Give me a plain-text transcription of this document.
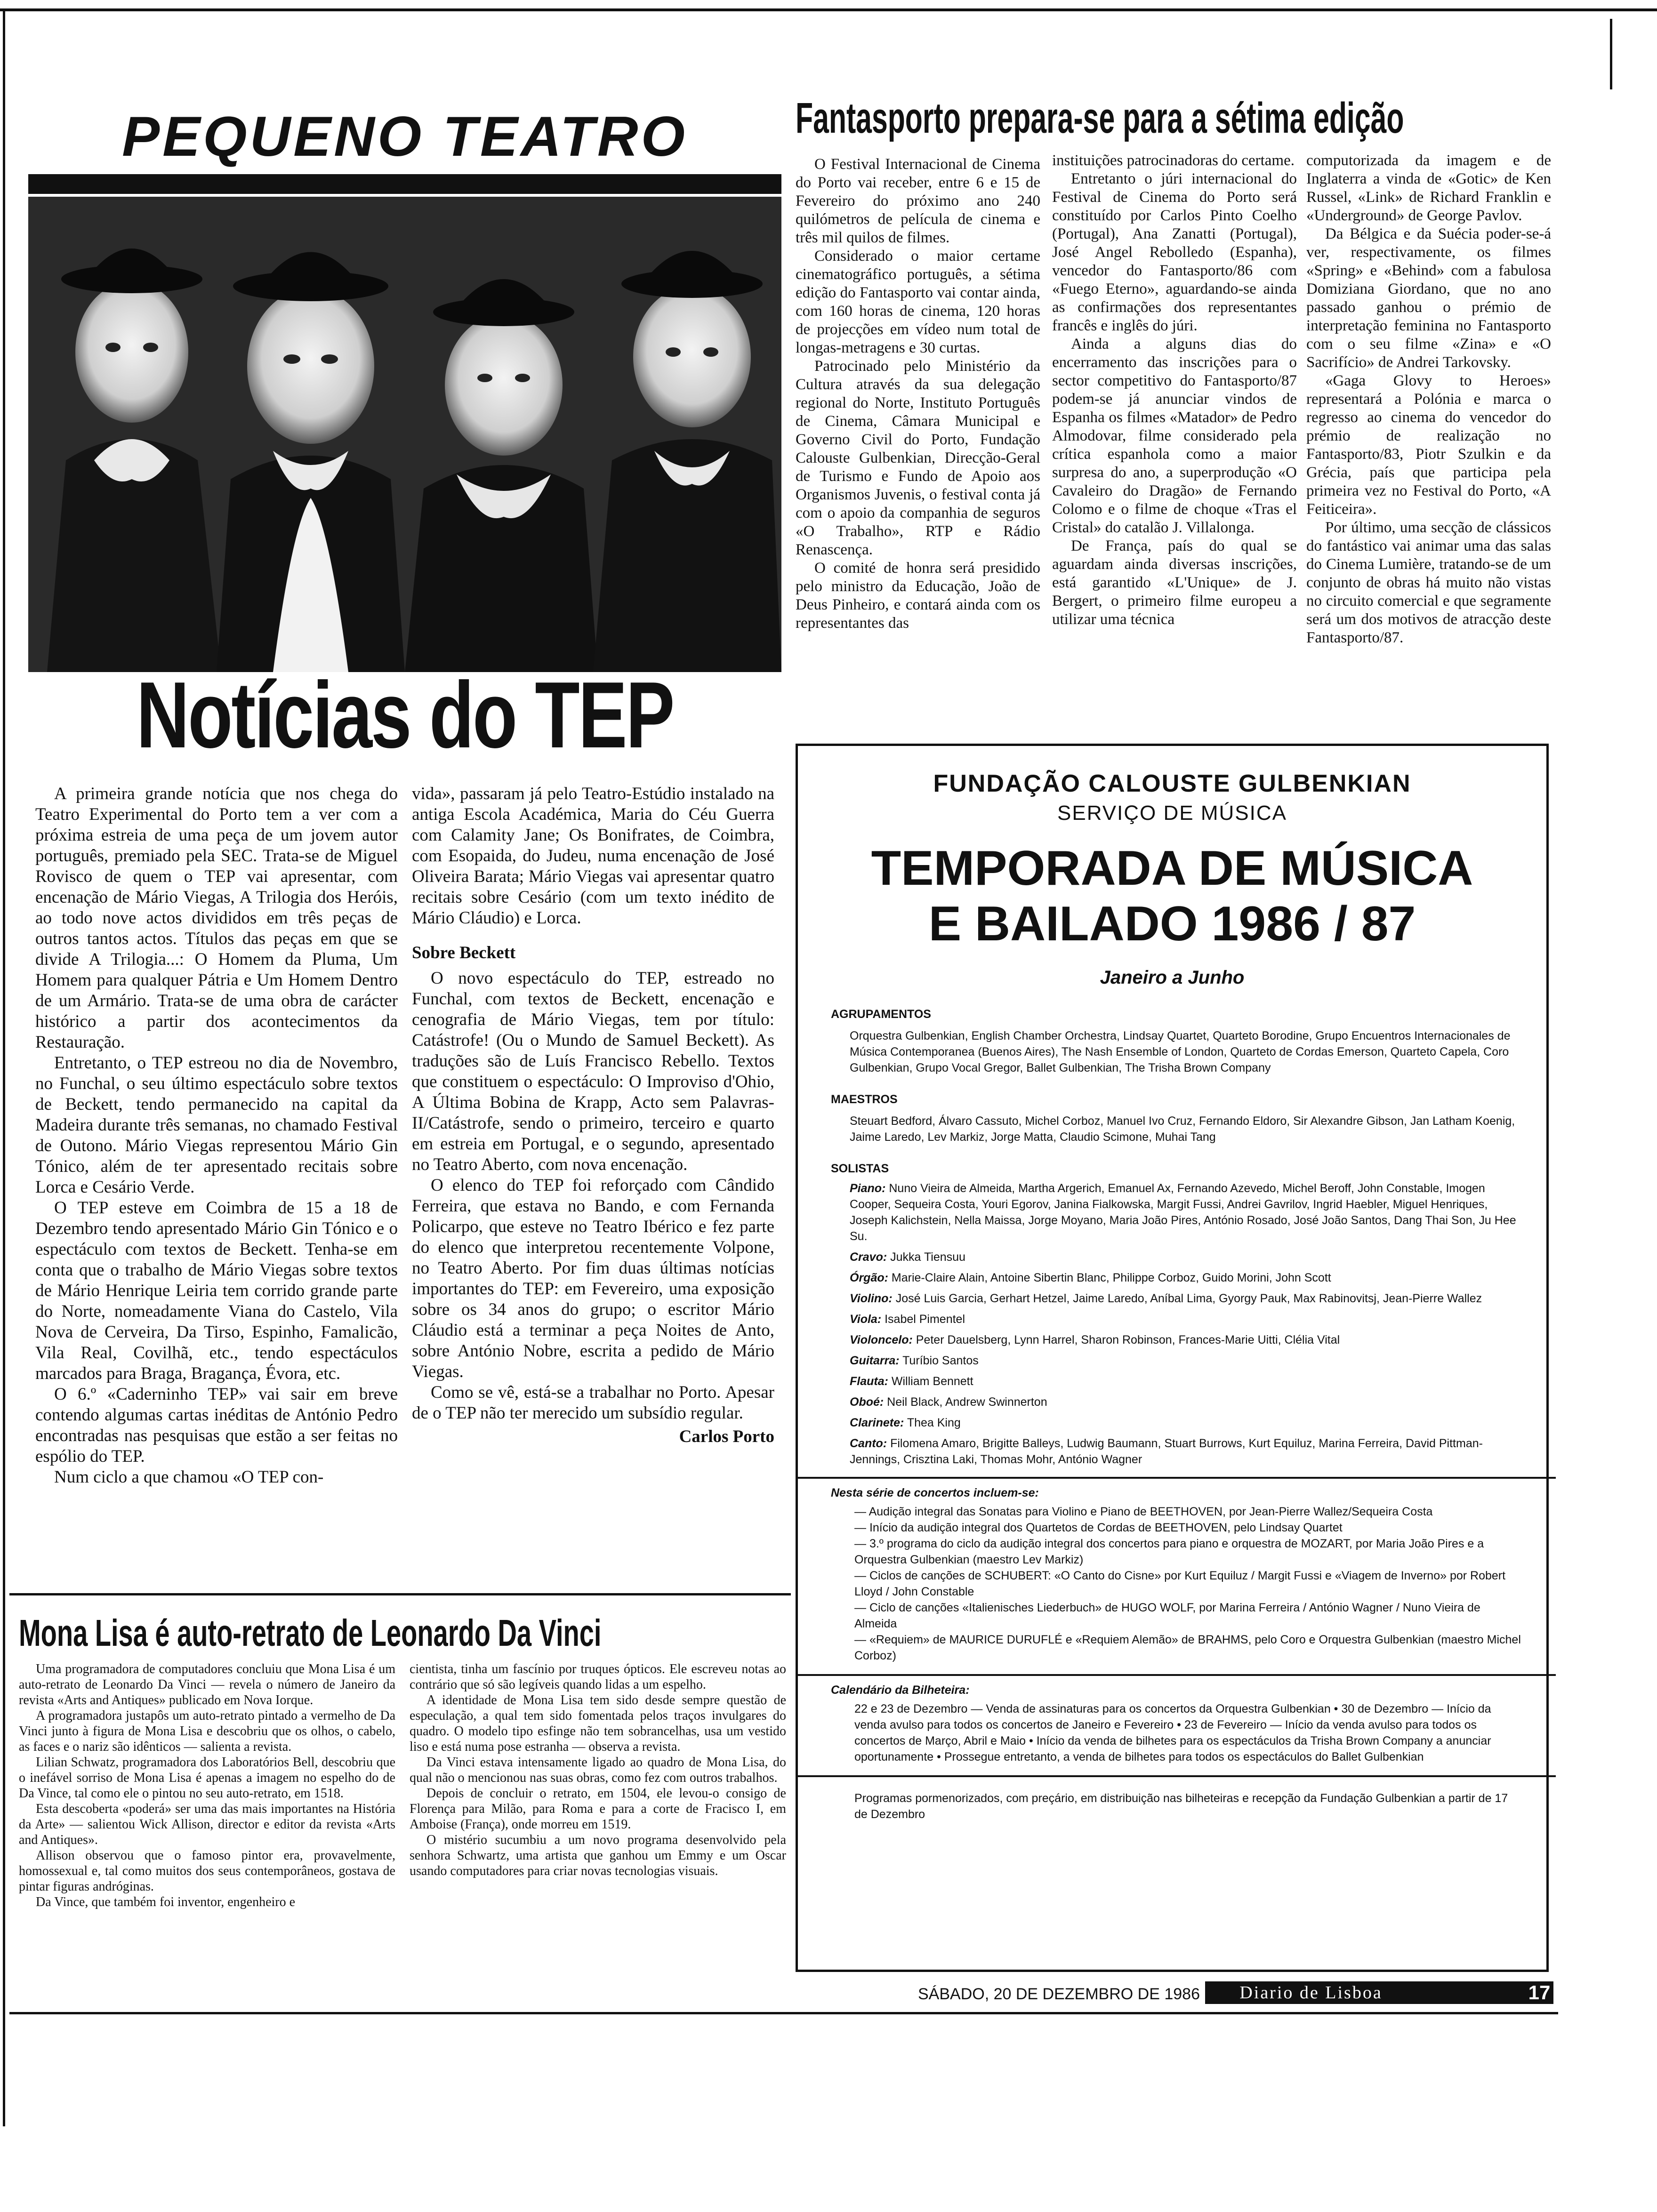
PEQUENO TEATRO
Notícias do TEP

A primeira grande notícia que nos chega do Teatro Experimental do Porto tem a ver com a próxima estreia de uma peça de um jovem autor português, premiado pela SEC. Trata-se de Miguel Rovisco de quem o TEP vai apresentar, com encenação de Mário Viegas, A Trilogia dos Heróis, ao todo nove actos divididos em três peças de outros tantos actos. Títulos das peças em que se divide A Trilogia...: O Homem da Pluma, Um Homem para qualquer Pátria e Um Homem Dentro de um Armário. Trata-se de uma obra de carácter histórico a partir dos acontecimentos da Restauração.

Entretanto, o TEP estreou no dia de Novembro, no Funchal, o seu último espectáculo sobre textos de Beckett, tendo permanecido na capital da Madeira durante três semanas, no chamado Festival de Outono. Mário Viegas representou Mário Gin Tónico, além de ter apresentado recitais sobre Lorca e Cesário Verde.

O TEP esteve em Coimbra de 15 a 18 de Dezembro tendo apresentado Mário Gin Tónico e o espectáculo com textos de Beckett. Tenha-se em conta que o trabalho de Mário Viegas sobre textos de Mário Henrique Leiria tem corrido grande parte do Norte, nomeadamente Viana do Castelo, Vila Nova de Cerveira, Da Tirso, Espinho, Famalicão, Vila Real, Covilhã, etc., tendo espectáculos marcados para Braga, Bragança, Évora, etc.

O 6.º «Caderninho TEP» vai sair em breve contendo algumas cartas inéditas de António Pedro encontradas nas pesquisas que estão a ser feitas no espólio do TEP.

Num ciclo a que chamou «O TEP con-

vida», passaram já pelo Teatro-Estúdio instalado na antiga Escola Académica, Maria do Céu Guerra com Calamity Jane; Os Bonifrates, de Coimbra, com Esopaida, do Judeu, numa encenação de José Oliveira Barata; Mário Viegas vai apresentar quatro recitais sobre Cesário (com um texto inédito de Mário Cláudio) e Lorca.

Sobre Beckett

O novo espectáculo do TEP, estreado no Funchal, com textos de Beckett, encenação e cenografia de Mário Viegas, tem por título: Catástrofe! (Ou o Mundo de Samuel Beckett). As traduções são de Luís Francisco Rebello. Textos que constituem o espectáculo: O Improviso d'Ohio, A Última Bobina de Krapp, Acto sem Palavras-II/Catástrofe, sendo o primeiro, terceiro e quarto em estreia em Portugal, e o segundo, apresentado no Teatro Aberto, com nova encenação.

O elenco do TEP foi reforçado com Cândido Ferreira, que estava no Bando, e com Fernanda Policarpo, que esteve no Teatro Ibérico e fez parte do elenco que interpretou recentemente Volpone, no Teatro Aberto. Por fim duas últimas notícias importantes do TEP: em Fevereiro, uma exposição sobre os 34 anos do grupo; o escritor Mário Cláudio está a terminar a peça Noites de Anto, sobre António Nobre, escrita a pedido de Mário Viegas.

Como se vê, está-se a trabalhar no Porto. Apesar de o TEP não ter merecido um subsídio regular.

Carlos Porto

Fantasporto prepara-se para a sétima edição

O Festival Internacional de Cinema do Porto vai receber, entre 6 e 15 de Fevereiro do próximo ano 240 quilómetros de película de cinema e três mil quilos de filmes.

Considerado o maior certame cinematográfico português, a sétima edição do Fantasporto vai contar ainda, com 160 horas de cinema, 120 horas de projecções em vídeo num total de longas-metragens e 30 curtas.

Patrocinado pelo Ministério da Cultura através da sua delegação regional do Norte, Instituto Português de Cinema, Câmara Municipal e Governo Civil do Porto, Fundação Calouste Gulbenkian, Direcção-Geral de Turismo e Fundo de Apoio aos Organismos Juvenis, o festival conta já com o apoio da companhia de seguros «O Trabalho», RTP e Rádio Renascença.

O comité de honra será presidido pelo ministro da Educação, João de Deus Pinheiro, e contará ainda com os representantes das

instituições patrocinadoras do certame.

Entretanto o júri internacional do Festival de Cinema do Porto será constituído por Carlos Pinto Coelho (Portugal), Ana Zanatti (Portugal), José Angel Rebolledo (Espanha), vencedor do Fantasporto/86 com «Fuego Eterno», aguardando-se ainda as confirmações dos representantes francês e inglês do júri.

Ainda a alguns dias do encerramento das inscrições para o sector competitivo do Fantasporto/87 podem-se já anunciar vindos de Espanha os filmes «Matador» de Pedro Almodovar, filme considerado pela crítica espanhola como a maior surpresa do ano, a superprodução «O Cavaleiro do Dragão» de Fernando Colomo e o filme de choque «Tras el Cristal» do catalão J. Villalonga.

De França, país do qual se aguardam ainda diversas inscrições, está garantido «L'Unique» de J. Bergert, o primeiro filme europeu a utilizar uma técnica

computorizada da imagem e de Inglaterra a vinda de «Gotic» de Ken Russel, «Link» de Richard Franklin e «Underground» de George Pavlov.

Da Bélgica e da Suécia poder-se-á ver, respectivamente, os filmes «Spring» e «Behind» com a fabulosa Domiziana Giordano, que no ano passado ganhou o prémio de interpretação feminina no Fantasporto com o seu filme «Zina» e «O Sacrifício» de Andrei Tarkovsky.

«Gaga Glovy to Heroes» representará a Polónia e marca o regresso ao cinema do vencedor do prémio de realização no Fantasporto/83, Piotr Szulkin e da Grécia, país que participa pela primeira vez no Festival do Porto, «A Feiticeira».

Por último, uma secção de clássicos do fantástico vai animar uma das salas do Cinema Lumière, tratando-se de um conjunto de obras há muito não vistas no circuito comercial e que segramente será um dos motivos de atracção deste Fantasporto/87.

FUNDAÇÃO CALOUSTE GULBENKIAN
SERVIÇO DE MÚSICA
TEMPORADA DE MÚSICA
E BAILADO 1986 / 87
Janeiro a Junho

AGRUPAMENTOS

Orquestra Gulbenkian, English Chamber Orchestra, Lindsay Quartet, Quarteto Borodine, Grupo Encuentros Internacionales de Música Contemporanea (Buenos Aires), The Nash Ensemble of London, Quarteto de Cordas Emerson, Quarteto Capela, Coro Gulbenkian, Grupo Vocal Gregor, Ballet Gulbenkian, The Trisha Brown Company

MAESTROS

Steuart Bedford, Álvaro Cassuto, Michel Corboz, Manuel Ivo Cruz, Fernando Eldoro, Sir Alexandre Gibson, Jan Latham Koenig, Jaime Laredo, Lev Markiz, Jorge Matta, Claudio Scimone, Muhai Tang

SOLISTAS

Piano: Nuno Vieira de Almeida, Martha Argerich, Emanuel Ax, Fernando Azevedo, Michel Beroff, John Constable, Imogen Cooper, Sequeira Costa, Youri Egorov, Janina Fialkowska, Margit Fussi, Andrei Gavrilov, Ingrid Haebler, Miguel Henriques, Joseph Kalichstein, Nella Maissa, Jorge Moyano, Maria João Pires, António Rosado, José João Santos, Dang Thai Son, Ju Hee Su.

Cravo: Jukka Tiensuu

Órgão: Marie-Claire Alain, Antoine Sibertin Blanc, Philippe Corboz, Guido Morini, John Scott

Violino: José Luis Garcia, Gerhart Hetzel, Jaime Laredo, Aníbal Lima, Gyorgy Pauk, Max Rabinovitsj, Jean-Pierre Wallez

Viola: Isabel Pimentel

Violoncelo: Peter Dauelsberg, Lynn Harrel, Sharon Robinson, Frances-Marie Uitti, Clélia Vital

Guitarra: Turíbio Santos

Flauta: William Bennett

Oboé: Neil Black, Andrew Swinnerton

Clarinete: Thea King

Canto: Filomena Amaro, Brigitte Balleys, Ludwig Baumann, Stuart Burrows, Kurt Equiluz, Marina Ferreira, David Pittman-Jennings, Crisztina Laki, Thomas Mohr, António Wagner

Nesta série de concertos incluem-se:

— Audição integral das Sonatas para Violino e Piano de BEETHOVEN, por Jean-Pierre Wallez/Sequeira Costa

— Início da audição integral dos Quartetos de Cordas de BEETHOVEN, pelo Lindsay Quartet

— 3.º programa do ciclo da audição integral dos concertos para piano e orquestra de MOZART, por Maria João Pires e a Orquestra Gulbenkian (maestro Lev Markiz)

— Ciclos de canções de SCHUBERT: «O Canto do Cisne» por Kurt Equiluz / Margit Fussi e «Viagem de Inverno» por Robert Lloyd / John Constable

— Ciclo de canções «Italienisches Liederbuch» de HUGO WOLF, por Marina Ferreira / António Wagner / Nuno Vieira de Almeida

— «Requiem» de MAURICE DURUFLÉ e «Requiem Alemão» de BRAHMS, pelo Coro e Orquestra Gulbenkian (maestro Michel Corboz)

Calendário da Bilheteira:

22 e 23 de Dezembro — Venda de assinaturas para os concertos da Orquestra Gulbenkian • 30 de Dezembro — Início da venda avulso para todos os concertos de Janeiro e Fevereiro • 23 de Fevereiro — Início da venda avulso para todos os concertos de Março, Abril e Maio • Início da venda de bilhetes para os espectáculos da Trisha Brown Company a anunciar oportunamente • Prossegue entretanto, a venda de bilhetes para todos os espectáculos do Ballet Gulbenkian

Programas pormenorizados, com preçário, em distribuição nas bilheteiras e recepção da Fundação Gulbenkian a partir de 17 de Dezembro

Mona Lisa é auto-retrato de Leonardo Da Vinci

Uma programadora de computadores concluiu que Mona Lisa é um auto-retrato de Leonardo Da Vinci — revela o número de Janeiro da revista «Arts and Antiques» publicado em Nova Iorque.

A programadora justapôs um auto-retrato pintado a vermelho de Da Vinci junto à figura de Mona Lisa e descobriu que os olhos, o cabelo, as faces e o nariz são idênticos — salienta a revista.

Lilian Schwatz, programadora dos Laboratórios Bell, descobriu que o inefável sorriso de Mona Lisa é apenas a imagem no espelho do de Da Vince, tal como ele o pintou no seu auto-retrato, em 1518.

Esta descoberta «poderá» ser uma das mais importantes na História da Arte» — salientou Wick Allison, director e editor da revista «Arts and Antiques».

Allison observou que o famoso pintor era, provavelmente, homossexual e, tal como muitos dos seus contemporâneos, gostava de pintar figuras andróginas.

Da Vince, que também foi inventor, engenheiro e

cientista, tinha um fascínio por truques ópticos. Ele escreveu notas ao contrário que só são legíveis quando lidas a um espelho.

A identidade de Mona Lisa tem sido desde sempre questão de especulação, a qual tem sido fomentada pelos traços invulgares do quadro. O modelo tipo esfinge não tem sobrancelhas, usa um vestido liso e está numa pose estranha — observa a revista.

Da Vinci estava intensamente ligado ao quadro de Mona Lisa, do qual não o mencionou nas suas obras, como fez com outros trabalhos.

Depois de concluir o retrato, em 1504, ele levou-o consigo de Florença para Milão, para Roma e para a corte de Fracisco I, em Amboise (França), onde morreu em 1519.

O mistério sucumbiu a um novo programa desenvolvido pela senhora Schwartz, uma artista que ganhou um Emmy e um Oscar usando computadores para criar novas tecnologias visuais.

SÁBADO, 20 DE DEZEMBRO DE 1986	Diario de Lisboa	17
